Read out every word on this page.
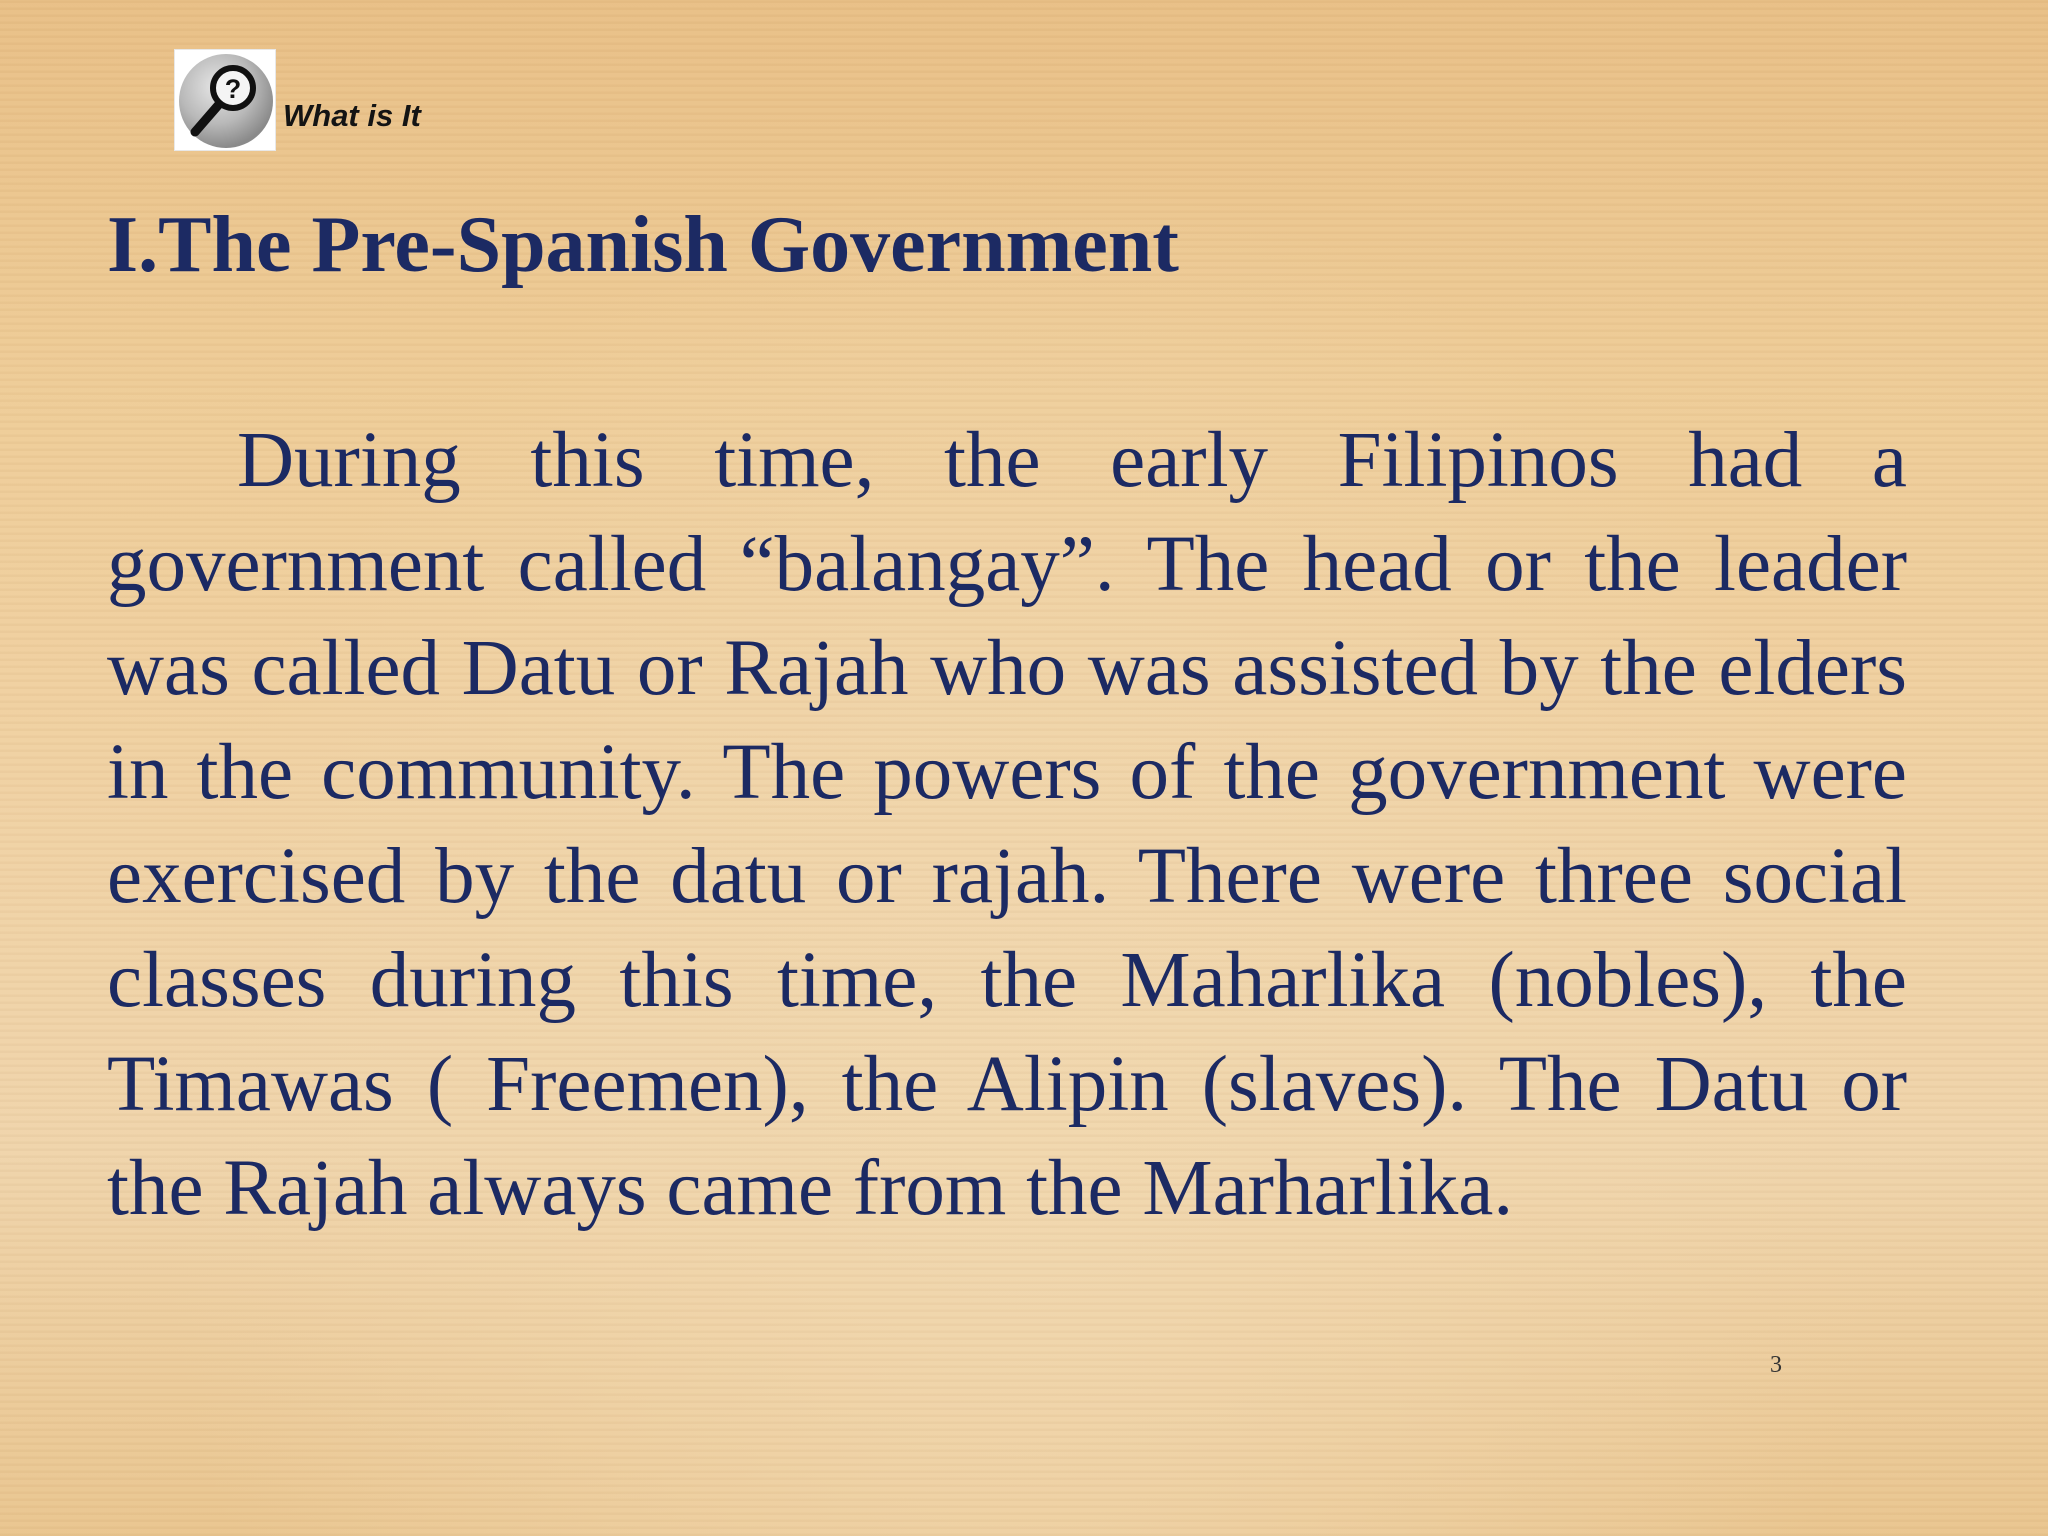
?
What is It
I.The Pre-Spanish Government

During this time, the early Filipinos had a government called “balangay”. The head or the leader was called Datu or Rajah who was assisted by the elders in the community. The powers of the government were exercised by the datu or rajah. There were three social classes during this time, the Maharlika (nobles), the Timawas ( Freemen), the Alipin (slaves). The Datu or the Rajah always came from the Marharlika.

3
